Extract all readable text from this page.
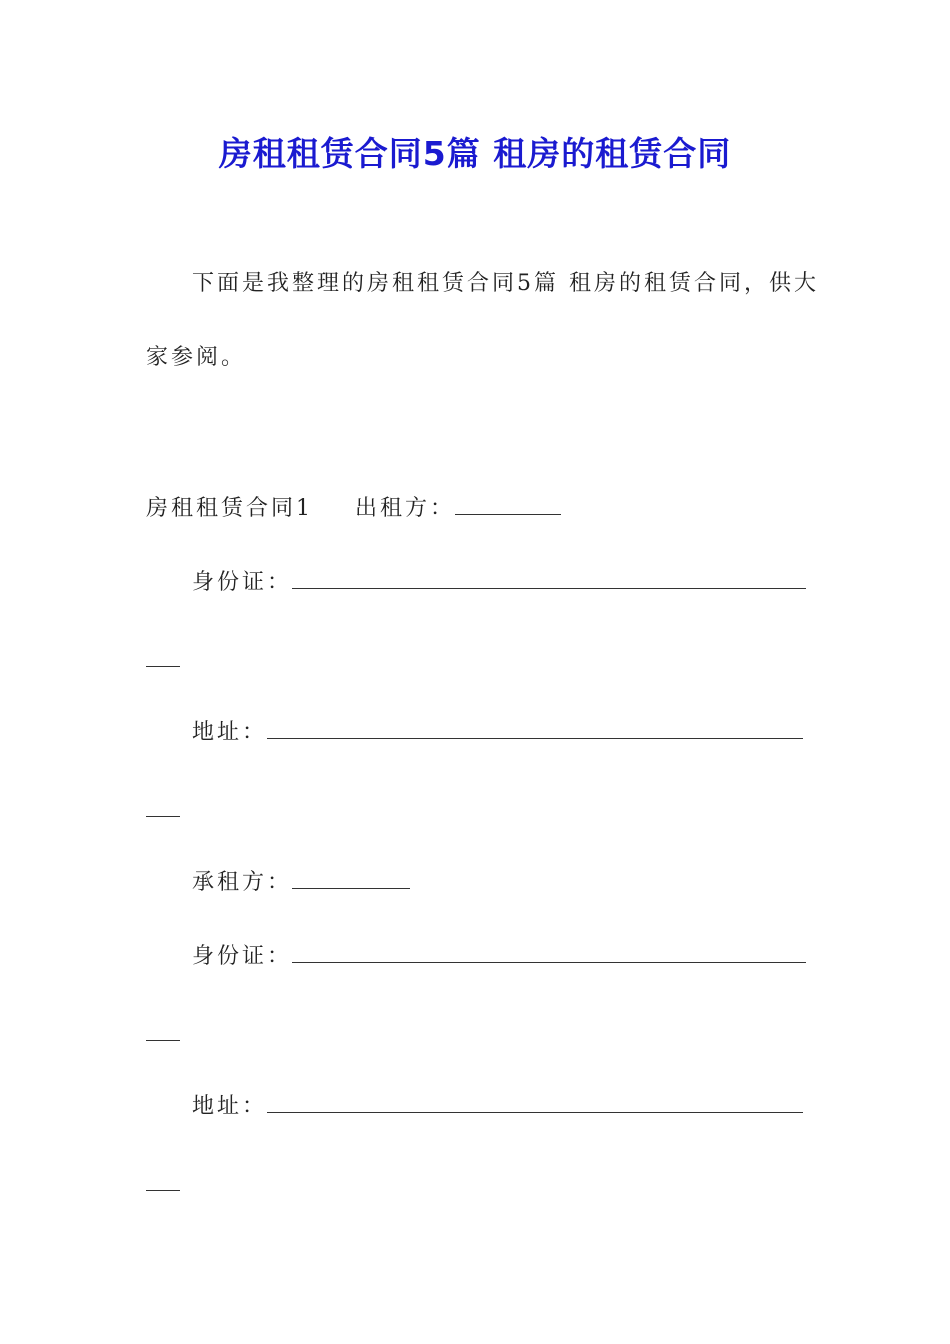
房租租赁合同5篇 租房的租赁合同
下面是我整理的房租租赁合同5篇 租房的租赁合同，供大
家参阅。
房租租赁合同1 出租方：
身份证：
地址：
承租方：
身份证：
地址：
